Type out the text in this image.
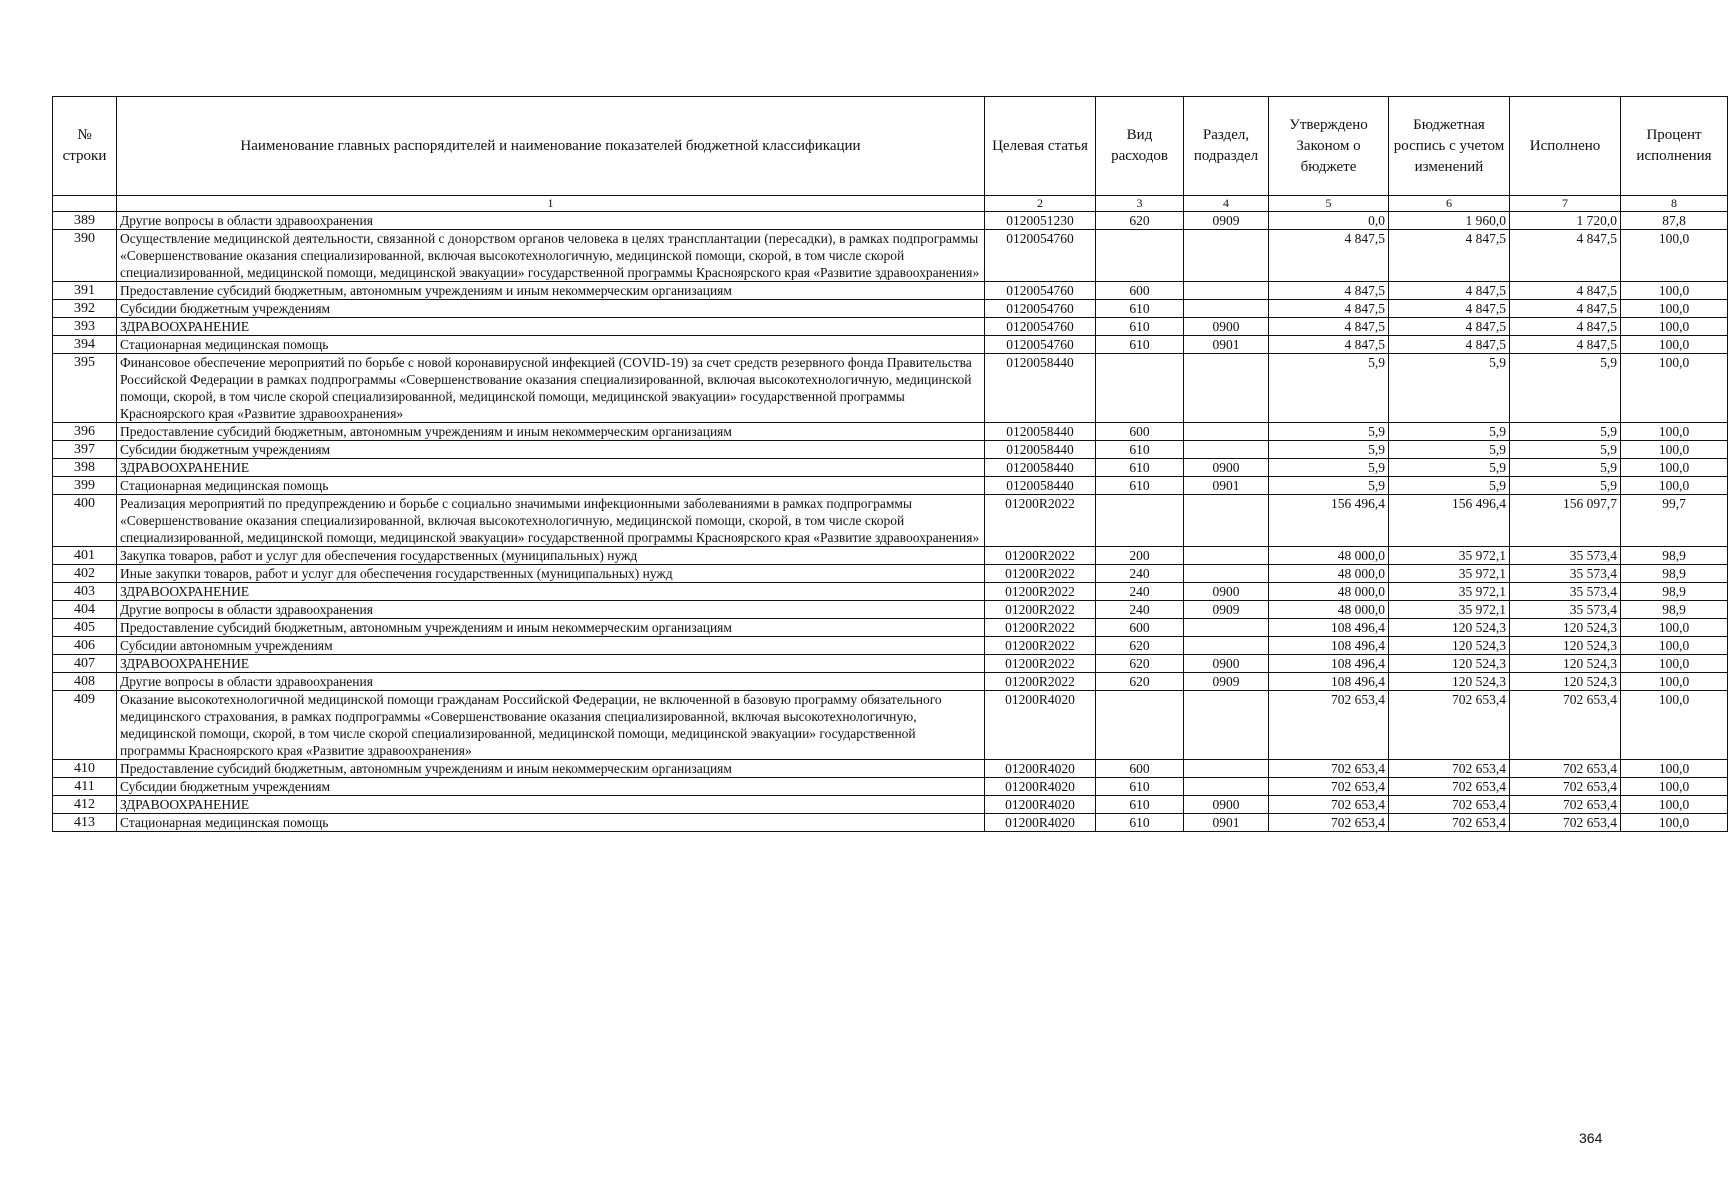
№ строки	Наименование главных распорядителей и наименование показателей бюджетной классификации	Целевая статья	Вид расходов	Раздел, подраздел	Утверждено Законом о бюджете	Бюджетная роспись с учетом изменений	Исполнено	Процент исполнения
	1	2	3	4	5	6	7	8
389	Другие вопросы в области здравоохранения	0120051230	620	0909	0,0	1 960,0	1 720,0	87,8
390	Осуществление медицинской деятельности, связанной с донорством органов человека в целях трансплантации (пересадки), в рамках подпрограммы «Совершенствование оказания специализированной, включая высокотехнологичную, медицинской помощи, скорой, в том числе скорой специализированной, медицинской помощи, медицинской эвакуации» государственной программы Красноярского края «Развитие здравоохранения»	0120054760			4 847,5	4 847,5	4 847,5	100,0
391	Предоставление субсидий бюджетным, автономным учреждениям и иным некоммерческим организациям	0120054760	600		4 847,5	4 847,5	4 847,5	100,0
392	Субсидии бюджетным учреждениям	0120054760	610		4 847,5	4 847,5	4 847,5	100,0
393	ЗДРАВООХРАНЕНИЕ	0120054760	610	0900	4 847,5	4 847,5	4 847,5	100,0
394	Стационарная медицинская помощь	0120054760	610	0901	4 847,5	4 847,5	4 847,5	100,0
395	Финансовое обеспечение мероприятий по борьбе с новой коронавирусной инфекцией (COVID-19) за счет средств резервного фонда Правительства Российской Федерации в рамках подпрограммы «Совершенствование оказания специализированной, включая высокотехнологичную, медицинской помощи, скорой, в том числе скорой специализированной, медицинской помощи, медицинской эвакуации» государственной программы Красноярского края «Развитие здравоохранения»	0120058440			5,9	5,9	5,9	100,0
396	Предоставление субсидий бюджетным, автономным учреждениям и иным некоммерческим организациям	0120058440	600		5,9	5,9	5,9	100,0
397	Субсидии бюджетным учреждениям	0120058440	610		5,9	5,9	5,9	100,0
398	ЗДРАВООХРАНЕНИЕ	0120058440	610	0900	5,9	5,9	5,9	100,0
399	Стационарная медицинская помощь	0120058440	610	0901	5,9	5,9	5,9	100,0
400	Реализация мероприятий по предупреждению и борьбе с социально значимыми инфекционными заболеваниями в рамках подпрограммы «Совершенствование оказания специализированной, включая высокотехнологичную, медицинской помощи, скорой, в том числе скорой специализированной, медицинской помощи, медицинской эвакуации» государственной программы Красноярского края «Развитие здравоохранения»	01200R2022			156 496,4	156 496,4	156 097,7	99,7
401	Закупка товаров, работ и услуг для обеспечения государственных (муниципальных) нужд	01200R2022	200		48 000,0	35 972,1	35 573,4	98,9
402	Иные закупки товаров, работ и услуг для обеспечения государственных (муниципальных) нужд	01200R2022	240		48 000,0	35 972,1	35 573,4	98,9
403	ЗДРАВООХРАНЕНИЕ	01200R2022	240	0900	48 000,0	35 972,1	35 573,4	98,9
404	Другие вопросы в области здравоохранения	01200R2022	240	0909	48 000,0	35 972,1	35 573,4	98,9
405	Предоставление субсидий бюджетным, автономным учреждениям и иным некоммерческим организациям	01200R2022	600		108 496,4	120 524,3	120 524,3	100,0
406	Субсидии автономным учреждениям	01200R2022	620		108 496,4	120 524,3	120 524,3	100,0
407	ЗДРАВООХРАНЕНИЕ	01200R2022	620	0900	108 496,4	120 524,3	120 524,3	100,0
408	Другие вопросы в области здравоохранения	01200R2022	620	0909	108 496,4	120 524,3	120 524,3	100,0
409	Оказание высокотехнологичной медицинской помощи гражданам Российской Федерации, не включенной в базовую программу обязательного медицинского страхования, в рамках подпрограммы «Совершенствование оказания специализированной, включая высокотехнологичную, медицинской помощи, скорой, в том числе скорой специализированной, медицинской помощи, медицинской эвакуации» государственной программы Красноярского края «Развитие здравоохранения»	01200R4020			702 653,4	702 653,4	702 653,4	100,0
410	Предоставление субсидий бюджетным, автономным учреждениям и иным некоммерческим организациям	01200R4020	600		702 653,4	702 653,4	702 653,4	100,0
411	Субсидии бюджетным учреждениям	01200R4020	610		702 653,4	702 653,4	702 653,4	100,0
412	ЗДРАВООХРАНЕНИЕ	01200R4020	610	0900	702 653,4	702 653,4	702 653,4	100,0
413	Стационарная медицинская помощь	01200R4020	610	0901	702 653,4	702 653,4	702 653,4	100,0
364
